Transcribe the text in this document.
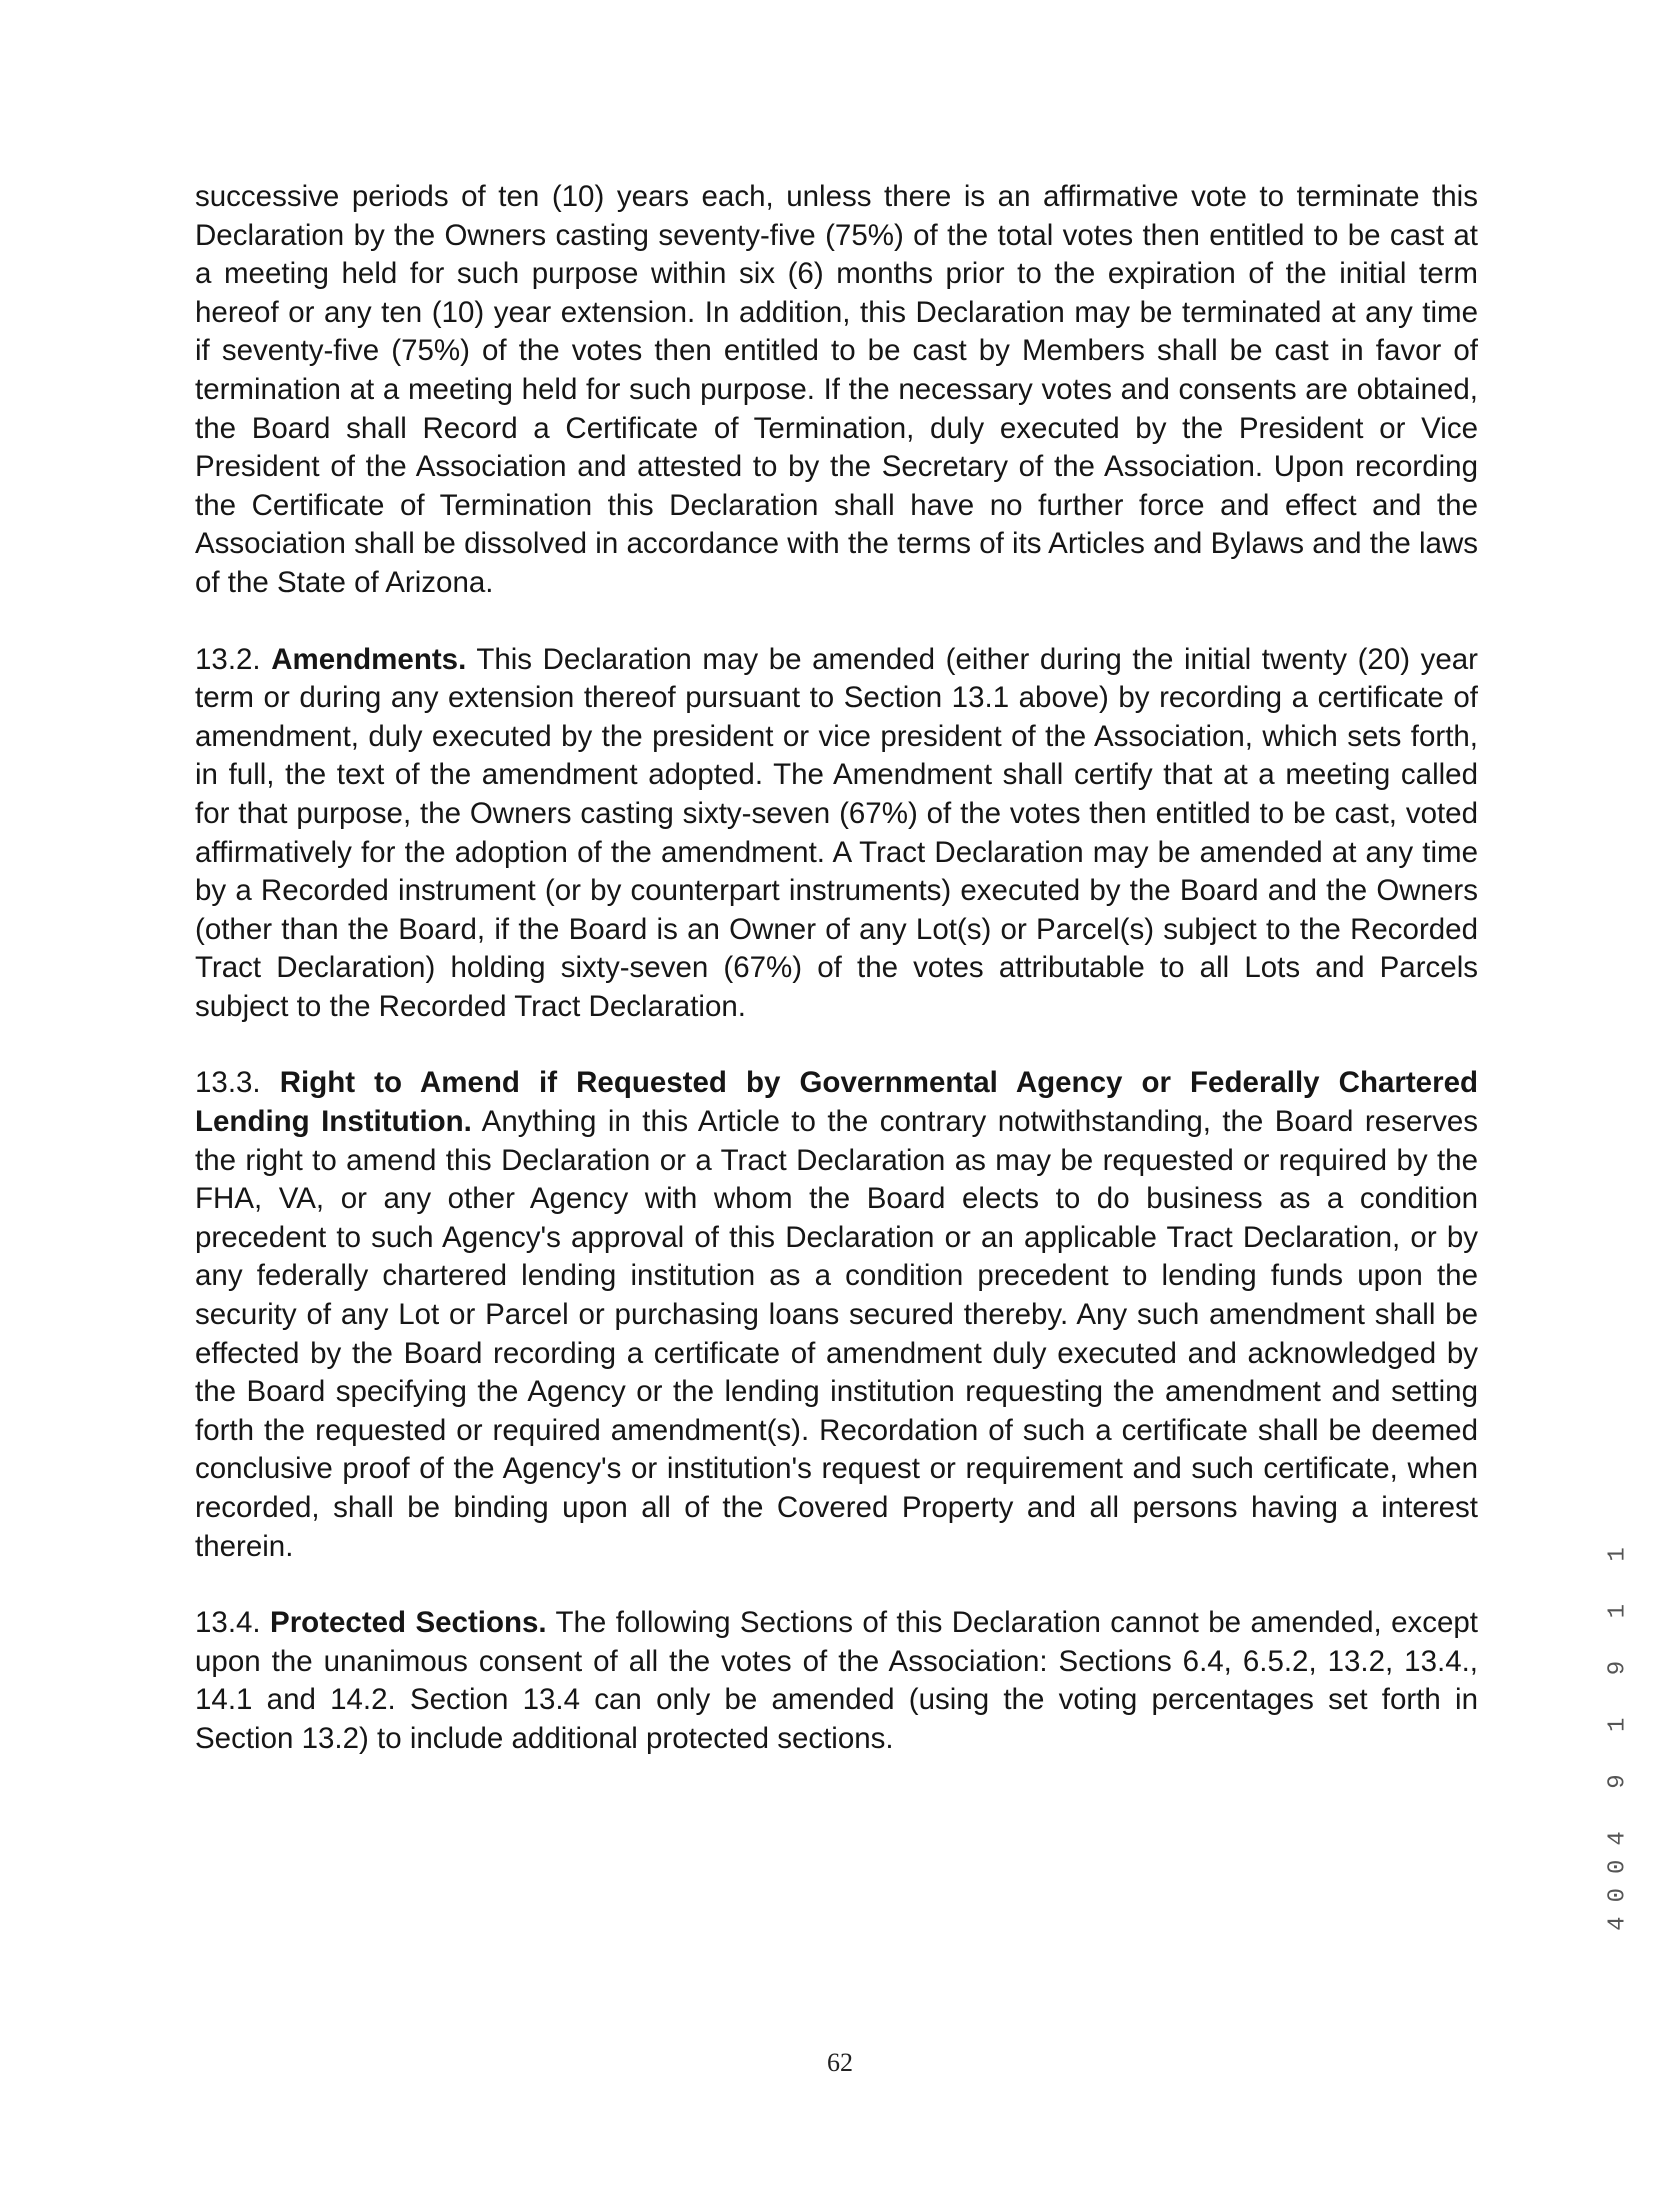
successive periods of ten (10) years each, unless there is an affirmative vote to terminate this Declaration by the Owners casting seventy-five (75%) of the total votes then entitled to be cast at a meeting held for such purpose within six (6) months prior to the expiration of the initial term hereof or any ten (10) year extension. In addition, this Declaration may be terminated at any time if seventy-five (75%) of the votes then entitled to be cast by Members shall be cast in favor of termination at a meeting held for such purpose. If the necessary votes and consents are obtained, the Board shall Record a Certificate of Termination, duly executed by the President or Vice President of the Association and attested to by the Secretary of the Association. Upon recording the Certificate of Termination this Declaration shall have no further force and effect and the Association shall be dissolved in accordance with the terms of its Articles and Bylaws and the laws of the State of Arizona.

13.2. Amendments. This Declaration may be amended (either during the initial twenty (20) year term or during any extension thereof pursuant to Section 13.1 above) by recording a certificate of amendment, duly executed by the president or vice president of the Association, which sets forth, in full, the text of the amendment adopted. The Amendment shall certify that at a meeting called for that purpose, the Owners casting sixty-seven (67%) of the votes then entitled to be cast, voted affirmatively for the adoption of the amendment. A Tract Declaration may be amended at any time by a Recorded instrument (or by counterpart instruments) executed by the Board and the Owners (other than the Board, if the Board is an Owner of any Lot(s) or Parcel(s) subject to the Recorded Tract Declaration) holding sixty-seven (67%) of the votes attributable to all Lots and Parcels subject to the Recorded Tract Declaration.

13.3. Right to Amend if Requested by Governmental Agency or Federally Chartered Lending Institution. Anything in this Article to the contrary notwithstanding, the Board reserves the right to amend this Declaration or a Tract Declaration as may be requested or required by the FHA, VA, or any other Agency with whom the Board elects to do business as a condition precedent to such Agency's approval of this Declaration or an applicable Tract Declaration, or by any federally chartered lending institution as a condition precedent to lending funds upon the security of any Lot or Parcel or purchasing loans secured thereby. Any such amendment shall be effected by the Board recording a certificate of amendment duly executed and acknowledged by the Board specifying the Agency or the lending institution requesting the amendment and setting forth the requested or required amendment(s). Recordation of such a certificate shall be deemed conclusive proof of the Agency's or institution's request or requirement and such certificate, when recorded, shall be binding upon all of the Covered Property and all persons having a interest therein.

13.4. Protected Sections. The following Sections of this Declaration cannot be amended, except upon the unanimous consent of all the votes of the Association: Sections 6.4, 6.5.2, 13.2, 13.4., 14.1 and 14.2. Section 13.4 can only be amended (using the voting percentages set forth in Section 13.2) to include additional protected sections.

62
4004 9 1 9 1 1
